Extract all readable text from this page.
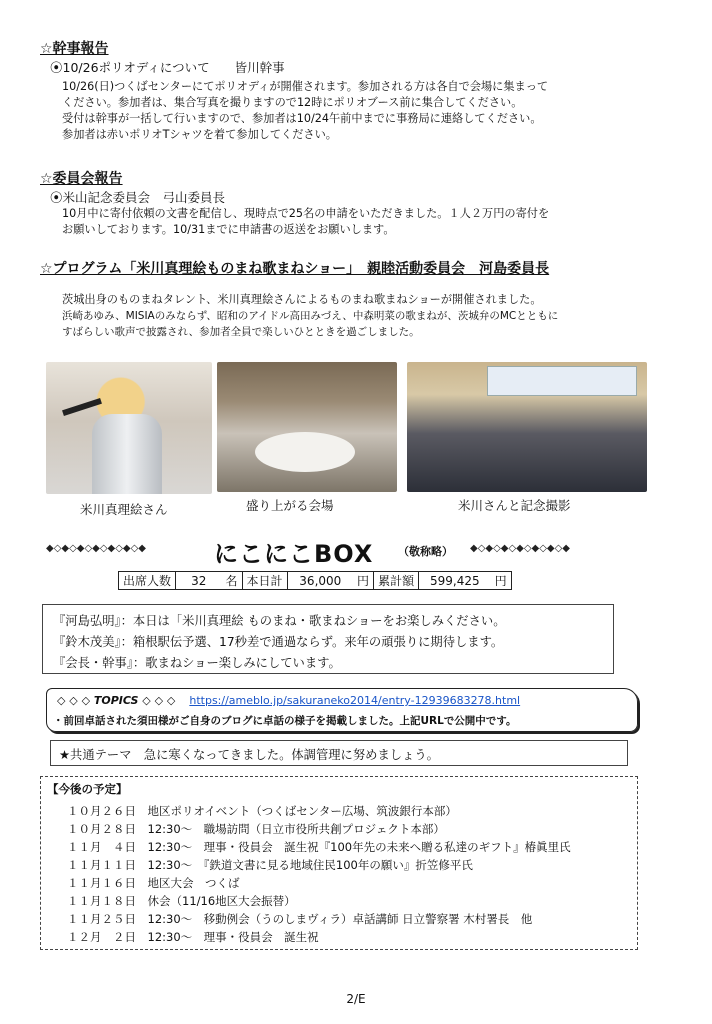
☆幹事報告
⦿10/26ポリオディについて　　皆川幹事
10/26(日)つくばセンターにてポリオディが開催されます。参加される方は各自で会場に集まって
ください。参加者は、集合写真を撮りますので12時にポリオブース前に集合してください。
受付は幹事が一括して行いますので、参加者は10/24午前中までに事務局に連絡してください。
参加者は赤いポリオTシャツを着て参加してください。
☆委員会報告
⦿米山記念委員会　弓山委員長
10月中に寄付依頼の文書を配信し、現時点で25名の申請をいただきました。１人２万円の寄付を
お願いしております。10/31までに申請書の返送をお願いします。
☆プログラム「米川真理絵ものまね歌まねショー」　親睦活動委員会　河島委員長
茨城出身のものまねタレント、米川真理絵さんによるものまね歌まねショーが開催されました。
浜崎あゆみ、MISIAのみならず、昭和のアイドル高田みづえ、中森明菜の歌まねが、茨城弁のMCとともに
すばらしい歌声で披露され、参加者全員で楽しいひとときを過ごしました。
米川真理絵さん	盛り上がる会場	米川さんと記念撮影
◆◇◆◇◆◇◆◇◆◇◆◇◆	にこにこBOX （敬称略） ◆◇◆◇◆◇◆◇◆◇◆◇◆
出席人数	32	名	本日計	36,000	円	累計額	599,425	円
『河島弘明』：本日は「米川真理絵 ものまね・歌まねショーをお楽しみください。
『鈴木茂美』：箱根駅伝予選、17秒差で通過ならず。来年の頑張りに期待します。
『会長・幹事』：歌まねショー楽しみにしています。
◇ ◇ ◇ TOPICS ◇ ◇ ◇ https://ameblo.jp/sakuraneko2014/entry-12939683278.html
・前回卓話された須田様がご自身のブログに卓話の様子を掲載しました。上記URLで公開中です。
★共通テーマ　急に寒くなってきました。体調管理に努めましょう。
【今後の予定】
１０月２６日　地区ポリオイベント（つくばセンター広場、筑波銀行本部）
１０月２８日　12:30～　職場訪問（日立市役所共創プロジェクト本部）
１１月　４日　12:30～　理事・役員会　誕生祝『100年先の未来へ贈る私達のギフト』椿眞里氏
１１月１１日　12:30～　『鉄道文書に見る地域住民100年の願い』折笠修平氏
１１月１６日　地区大会　つくば
１１月１８日　休会（11/16地区大会振替）
１１月２５日　12:30～　移動例会（うのしまヴィラ）卓話講師 日立警察署 木村署長　他
１２月　２日　12:30～　理事・役員会　誕生祝
2/E
